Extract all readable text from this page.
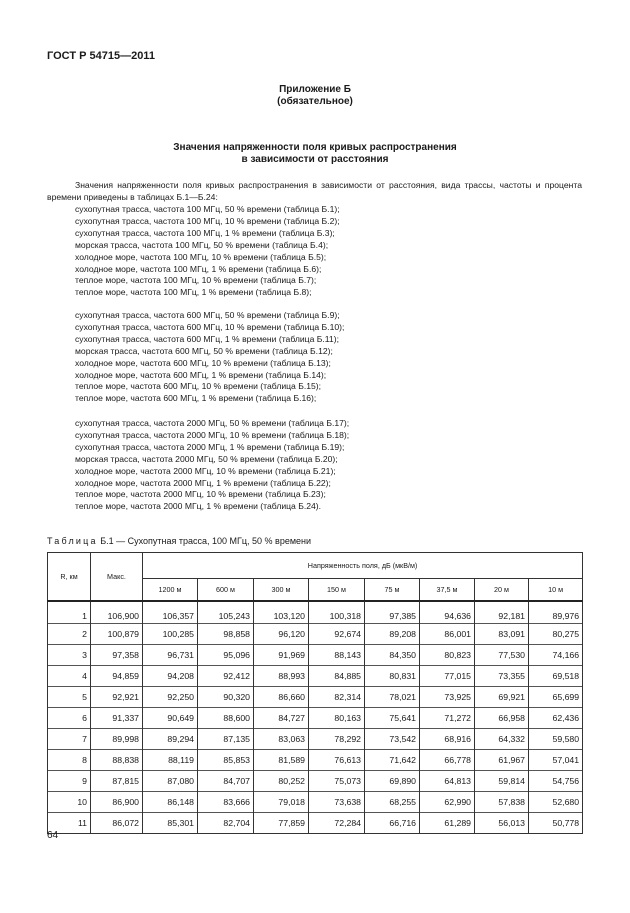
ГОСТ Р 54715—2011
Приложение Б
(обязательное)
Значения напряженности поля кривых распространения
в зависимости от расстояния

Значения напряженности поля кривых распространения в зависимости от расстояния, вида трассы, частоты и процента времени приведены в таблицах Б.1—Б.24:

сухопутная трасса, частота 100 МГц, 50 % времени (таблица Б.1);
сухопутная трасса, частота 100 МГц, 10 % времени (таблица Б.2);
сухопутная трасса, частота 100 МГц, 1 % времени (таблица Б.3);
морская трасса, частота 100 МГц, 50 % времени (таблица Б.4);
холодное море, частота 100 МГц, 10 % времени (таблица Б.5);
холодное море, частота 100 МГц, 1 % времени (таблица Б.6);
теплое море, частота 100 МГц, 10 % времени (таблица Б.7);
теплое море, частота 100 МГц, 1 % времени (таблица Б.8);
сухопутная трасса, частота 600 МГц, 50 % времени (таблица Б.9);
сухопутная трасса, частота 600 МГц, 10 % времени (таблица Б.10);
сухопутная трасса, частота 600 МГц, 1 % времени (таблица Б.11);
морская трасса, частота 600 МГц, 50 % времени (таблица Б.12);
холодное море, частота 600 МГц, 10 % времени (таблица Б.13);
холодное море, частота 600 МГц, 1 % времени (таблица Б.14);
теплое море, частота 600 МГц, 10 % времени (таблица Б.15);
теплое море, частота 600 МГц, 1 % времени (таблица Б.16);
сухопутная трасса, частота 2000 МГц, 50 % времени (таблица Б.17);
сухопутная трасса, частота 2000 МГц, 10 % времени (таблица Б.18);
сухопутная трасса, частота 2000 МГц, 1 % времени (таблица Б.19);
морская трасса, частота 2000 МГц, 50 % времени (таблица Б.20);
холодное море, частота 2000 МГц, 10 % времени (таблица Б.21);
холодное море, частота 2000 МГц, 1 % времени (таблица Б.22);
теплое море, частота 2000 МГц, 10 % времени (таблица Б.23);
теплое море, частота 2000 МГц, 1 % времени (таблица Б.24).
Таблица Б.1 — Сухопутная трасса, 100 МГц, 50 % времени
R, км	Макс.	Напряженность поля, дБ (мкВ/м)							
		1200 м	600 м	300 м	150 м	75 м	37,5 м	20 м	10 м
1	106,900	106,357	105,243	103,120	100,318	97,385	94,636	92,181	89,976
2	100,879	100,285	98,858	96,120	92,674	89,208	86,001	83,091	80,275
3	97,358	96,731	95,096	91,969	88,143	84,350	80,823	77,530	74,166
4	94,859	94,208	92,412	88,993	84,885	80,831	77,015	73,355	69,518
5	92,921	92,250	90,320	86,660	82,314	78,021	73,925	69,921	65,699
6	91,337	90,649	88,600	84,727	80,163	75,641	71,272	66,958	62,436
7	89,998	89,294	87,135	83,063	78,292	73,542	68,916	64,332	59,580
8	88,838	88,119	85,853	81,589	76,613	71,642	66,778	61,967	57,041
9	87,815	87,080	84,707	80,252	75,073	69,890	64,813	59,814	54,756
10	86,900	86,148	83,666	79,018	73,638	68,255	62,990	57,838	52,680
11	86,072	85,301	82,704	77,859	72,284	66,716	61,289	56,013	50,778
64
